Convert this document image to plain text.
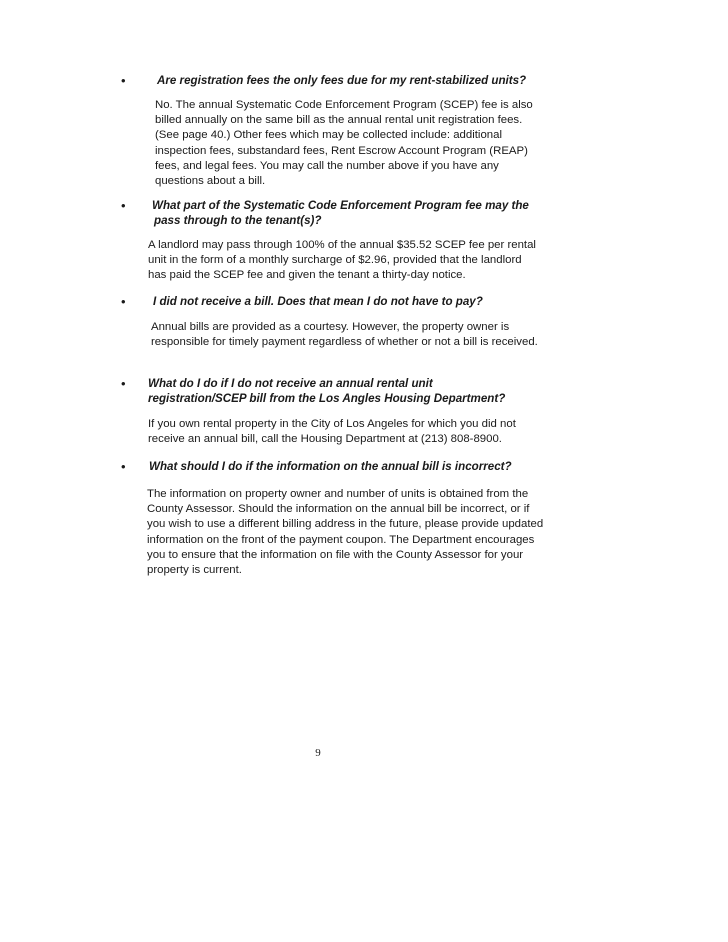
•	Are registration fees the only fees due for my rent-stabilized units?

No. The annual Systematic Code Enforcement Program (SCEP) fee is also billed annually on the same bill as the annual rental unit registration fees. (See page 40.) Other fees which may be collected include: additional inspection fees, substandard fees, Rent Escrow Account Program (REAP) fees, and legal fees. You may call the number above if you have any questions about a bill.

• What part of the Systematic Code Enforcement Program fee may the pass through to the tenant(s)?

A landlord may pass through 100% of the annual $35.52 SCEP fee per rental unit in the form of a monthly surcharge of $2.96, provided that the landlord has paid the SCEP fee and given the tenant a thirty-day notice.

• I did not receive a bill. Does that mean I do not have to pay?

Annual bills are provided as a courtesy. However, the property owner is responsible for timely payment regardless of whether or not a bill is received.

• What do I do if I do not receive an annual rental unit registration/SCEP bill from the Los Angles Housing Department?

If you own rental property in the City of Los Angeles for which you did not receive an annual bill, call the Housing Department at (213) 808-8900.

• What should I do if the information on the annual bill is incorrect?

The information on property owner and number of units is obtained from the County Assessor. Should the information on the annual bill be incorrect, or if you wish to use a different billing address in the future, please provide updated information on the front of the payment coupon. The Department encourages you to ensure that the information on file with the County Assessor for your property is current.

9
